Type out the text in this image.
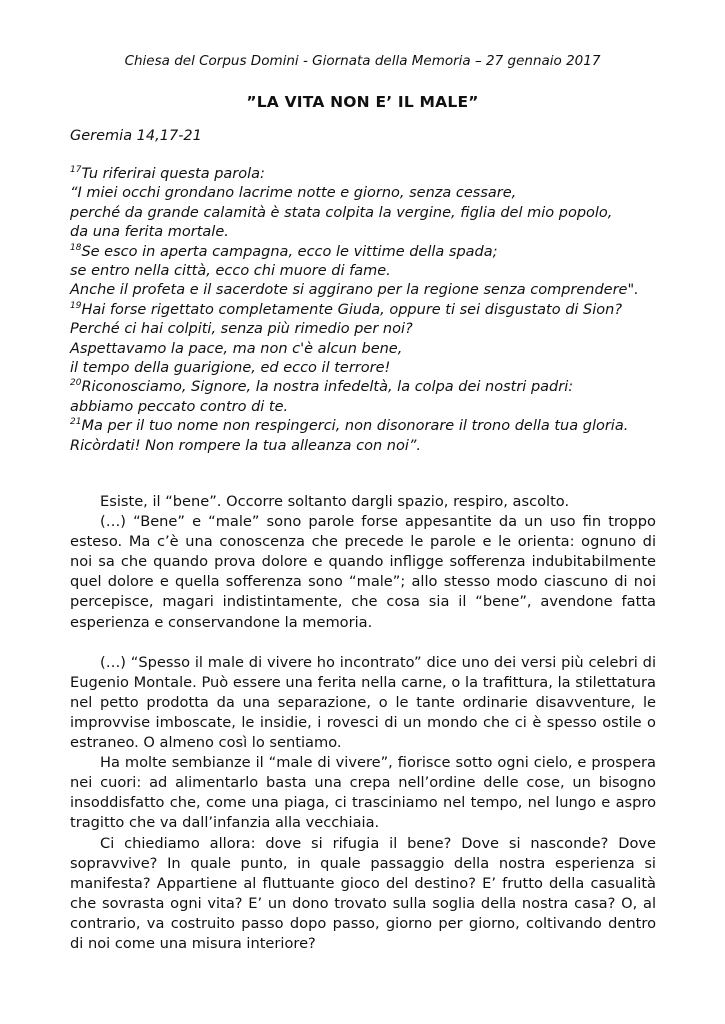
Chiesa del Corpus Domini - Giornata della Memoria – 27 gennaio 2017
”LA VITA NON E’ IL MALE”
Geremia 14,17-21
$^{17}$Tu riferirai questa parola:
“I miei occhi grondano lacrime notte e giorno, senza cessare,
perché da grande calamità è stata colpita la vergine, figlia del mio popolo,
da una ferita mortale.
$^{18}$Se esco in aperta campagna, ecco le vittime della spada;
se entro nella città, ecco chi muore di fame.
Anche il profeta e il sacerdote si aggirano per la regione senza comprendere".
$^{19}$Hai forse rigettato completamente Giuda, oppure ti sei disgustato di Sion?
Perché ci hai colpiti, senza più rimedio per noi?
Aspettavamo la pace, ma non c'è alcun bene,
il tempo della guarigione, ed ecco il terrore!
$^{20}$Riconosciamo, Signore, la nostra infedeltà, la colpa dei nostri padri:
abbiamo peccato contro di te.
$^{21}$Ma per il tuo nome non respingerci, non disonorare il trono della tua gloria.
Ricòrdati! Non rompere la tua alleanza con noi”.

Esiste, il “bene”. Occorre soltanto dargli spazio, respiro, ascolto.

(…) “Bene” e “male” sono parole forse appesantite da un uso fin troppo esteso. Ma c’è una conoscenza che precede le parole e le orienta: ognuno di noi sa che quando prova dolore e quando infligge sofferenza indubitabilmente quel dolore e quella sofferenza sono “male”; allo stesso modo ciascuno di noi percepisce, magari indistintamente, che cosa sia il “bene”, avendone fatta esperienza e conservandone la memoria.

(…) “Spesso il male di vivere ho incontrato” dice uno dei versi più celebri di Eugenio Montale. Può essere una ferita nella carne, o la trafittura, la stilettatura nel petto prodotta da una separazione, o le tante ordinarie disavventure, le improvvise imboscate, le insidie, i rovesci di un mondo che ci è spesso ostile o estraneo. O almeno così lo sentiamo.

Ha molte sembianze il “male di vivere”, fiorisce sotto ogni cielo, e prospera nei cuori: ad alimentarlo basta una crepa nell’ordine delle cose, un bisogno insoddisfatto che, come una piaga, ci trasciniamo nel tempo, nel lungo e aspro tragitto che va dall’infanzia alla vecchiaia.

Ci chiediamo allora: dove si rifugia il bene? Dove si nasconde? Dove sopravvive? In quale punto, in quale passaggio della nostra esperienza si manifesta? Appartiene al fluttuante gioco del destino? E’ frutto della casualità che sovrasta ogni vita? E’ un dono trovato sulla soglia della nostra casa? O, al contrario, va costruito passo dopo passo, giorno per giorno, coltivando dentro di noi come una misura interiore?
